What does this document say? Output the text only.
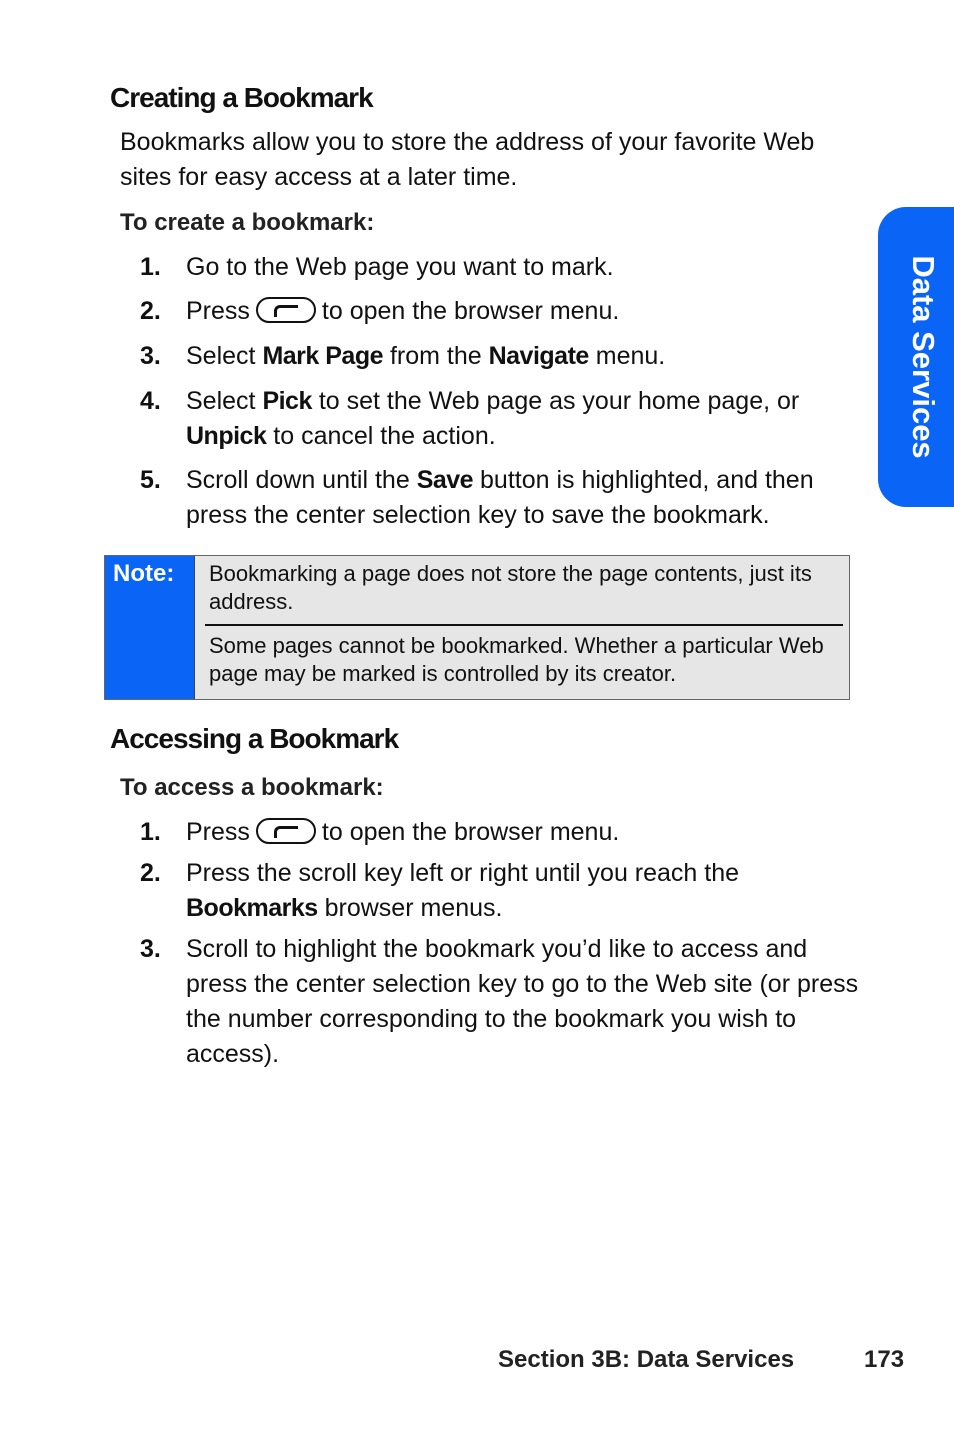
Data Services
Creating a Bookmark

Bookmarks allow you to store the address of your favorite Web sites for easy access at a later time.

To create a bookmark:

1. Go to the Web page you want to mark.
2. Press	to open the browser menu.
3. Select Mark Page from the Navigate menu.
4. Select Pick to set the Web page as your home page, or Unpick to cancel the action.
5. Scroll down until the Save button is highlighted, and then press the center selection key to save the bookmark.
Note:	Bookmarking a page does not store the page contents, just its address.
Some pages cannot be bookmarked. Whether a particular Web page may be marked is controlled by its creator.
Accessing a Bookmark

To access a bookmark:

1. Press	to open the browser menu.
2. Press the scroll key left or right until you reach the Bookmarks browser menus.
3. Scroll to highlight the bookmark you’d like to access and press the center selection key to go to the Web site (or press the number corresponding to the bookmark you wish to access).
Section 3B: Data Services	173
